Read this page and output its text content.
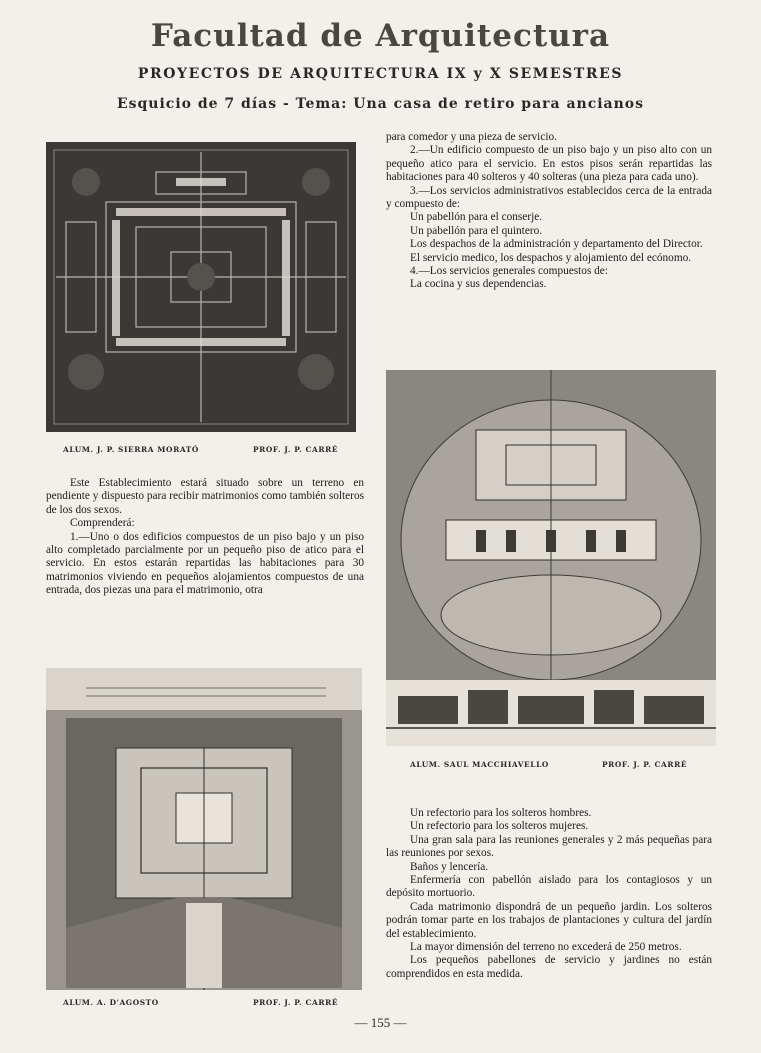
Facultad de Arquitectura
PROYECTOS DE ARQUITECTURA IX y X SEMESTRES
Esquicio de 7 días - Tema: Una casa de retiro para ancianos
ALUM. J. P. SIERRA MORATÓ	PROF. J. P. CARRÉ

Este Establecimiento estará situado sobre un terreno en pendiente y dispuesto para recibir matrimonios como también solteros de los dos sexos.

Comprenderá:

1.—Uno o dos edificios compuestos de un piso bajo y un piso alto completado parcialmente por un pequeño piso de atico para el servicio. En estos estarán repartidas las habitaciones para 30 matrimonios viviendo en pequeños alojamientos compuestos de una entrada, dos piezas una para el matrimonio, otra

ALUM. A. D'AGOSTO	PROF. J. P. CARRÉ

para comedor y una pieza de servicio.

2.—Un edificio compuesto de un piso bajo y un piso alto con un pequeño atico para el servicio. En estos pisos serán repartidas las habitaciones para 40 solteros y 40 solteras (una pieza para cada uno).

3.—Los servicios administrativos establecidos cerca de la entrada y compuesto de:

Un pabellón para el conserje.

Un pabellón para el quintero.

Los despachos de la administración y departamento del Director.

El servicio medico, los despachos y alojamiento del ecónomo.

4.—Los servicios generales compuestos de:

La cocina y sus dependencias.

ALUM. SAUL MACCHIAVELLO	PROF. J. P. CARRÉ

Un refectorio para los solteros hombres.

Un refectorio para los solteros mujeres.

Una gran sala para las reuniones generales y 2 más pequeñas para las reuniones por sexos.

Baños y lencería.

Enfermería con pabellón aislado para los contagiosos y un depósito mortuorio.

Cada matrimonio dispondrá de un pequeño jardin. Los solteros podrán tomar parte en los trabajos de plantaciones y cultura del jardín del establecimiento.

La mayor dimensión del terreno no excederá de 250 metros.

Los pequeños pabellones de servicio y jardines no están comprendidos en esta medida.

— 155 —
